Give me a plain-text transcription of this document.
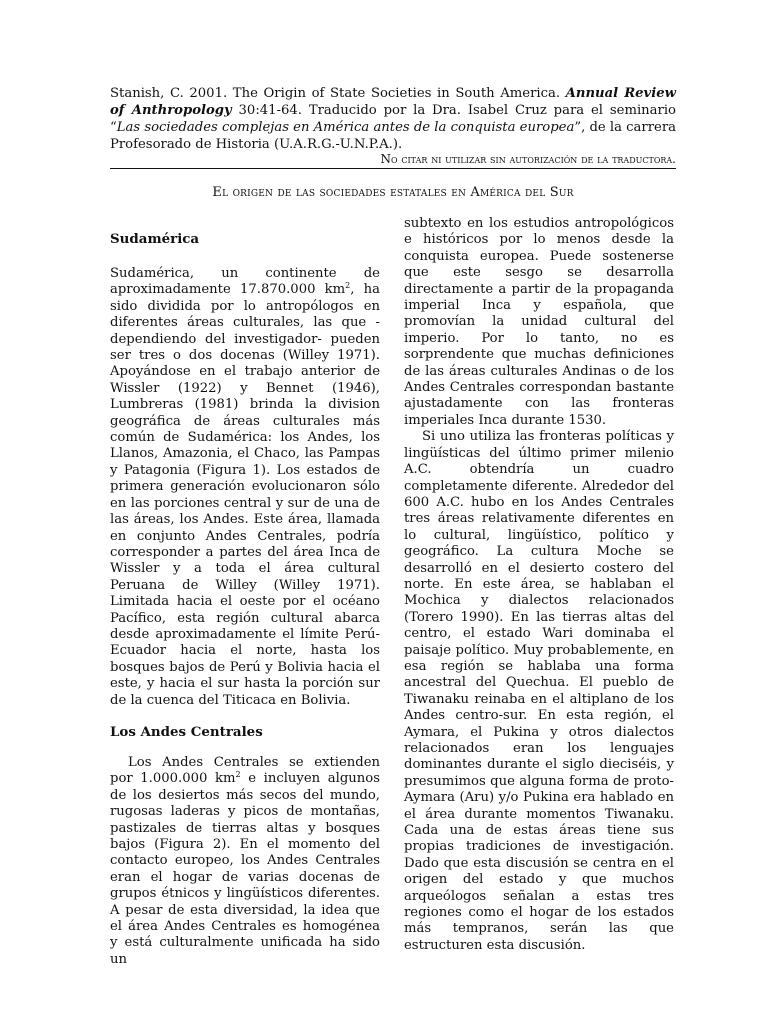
Stanish, C. 2001. The Origin of State Societies in South America. Annual Review of Anthropology 30:41-64. Traducido por la Dra. Isabel Cruz para el seminario “Las sociedades complejas en América antes de la conquista europea”, de la carrera Profesorado de Historia (U.A.R.G.-U.N.P.A.).
No citar ni utilizar sin autorización de la traductora.
El origen de las sociedades estatales en América del Sur
Sudamérica

Sudamérica, un continente de aproximadamente 17.870.000 $km^2$, ha sido dividida por lo antropólogos en diferentes áreas culturales, las que -dependiendo del investigador- pueden ser tres o dos docenas (Willey 1971). Apoyándose en el trabajo anterior de Wissler (1922) y Bennet (1946), Lumbreras (1981) brinda la division geográfica de áreas culturales más común de Sudamérica: los Andes, los Llanos, Amazonia, el Chaco, las Pampas y Patagonia (Figura 1). Los estados de primera generación evolucionaron sólo en las porciones central y sur de una de las áreas, los Andes. Este área, llamada en conjunto Andes Centrales, podría corresponder a partes del área Inca de Wissler y a toda el área cultural Peruana de Willey (Willey 1971). Limitada hacia el oeste por el océano Pacífico, esta región cultural abarca desde aproximadamente el límite Perú-Ecuador hacia el norte, hasta los bosques bajos de Perú y Bolivia hacia el este, y hacia el sur hasta la porción sur de la cuenca del Titicaca en Bolivia.

Los Andes Centrales

Los Andes Centrales se extienden por 1.000.000 $km^2$ e incluyen algunos de los desiertos más secos del mundo, rugosas laderas y picos de montañas, pastizales de tierras altas y bosques bajos (Figura 2). En el momento del contacto europeo, los Andes Centrales eran el hogar de varias docenas de grupos étnicos y lingüísticos diferentes. A pesar de esta diversidad, la idea que el área Andes Centrales es homogénea y está culturalmente unificada ha sido un

subtexto en los estudios antropológicos e históricos por lo menos desde la conquista europea. Puede sostenerse que este sesgo se desarrolla directamente a partir de la propaganda imperial Inca y española, que promovían la unidad cultural del imperio. Por lo tanto, no es sorprendente que muchas definiciones de las áreas culturales Andinas o de los Andes Centrales correspondan bastante ajustadamente con las fronteras imperiales Inca durante 1530.

Si uno utiliza las fronteras políticas y lingüísticas del último primer milenio A.C. obtendría un cuadro completamente diferente. Alrededor del 600 A.C. hubo en los Andes Centrales tres áreas relativamente diferentes en lo cultural, lingüístico, político y geográfico. La cultura Moche se desarrolló en el desierto costero del norte. En este área, se hablaban el Mochica y dialectos relacionados (Torero 1990). En las tierras altas del centro, el estado Wari dominaba el paisaje político. Muy probablemente, en esa región se hablaba una forma ancestral del Quechua. El pueblo de Tiwanaku reinaba en el altiplano de los Andes centro-sur. En esta región, el Aymara, el Pukina y otros dialectos relacionados eran los lenguajes dominantes durante el siglo dieciséis, y presumimos que alguna forma de proto-Aymara (Aru) y/o Pukina era hablado en el área durante momentos Tiwanaku. Cada una de estas áreas tiene sus propias tradiciones de investigación. Dado que esta discusión se centra en el origen del estado y que muchos arqueólogos señalan a estas tres regiones como el hogar de los estados más tempranos, serán las que estructuren esta discusión.
